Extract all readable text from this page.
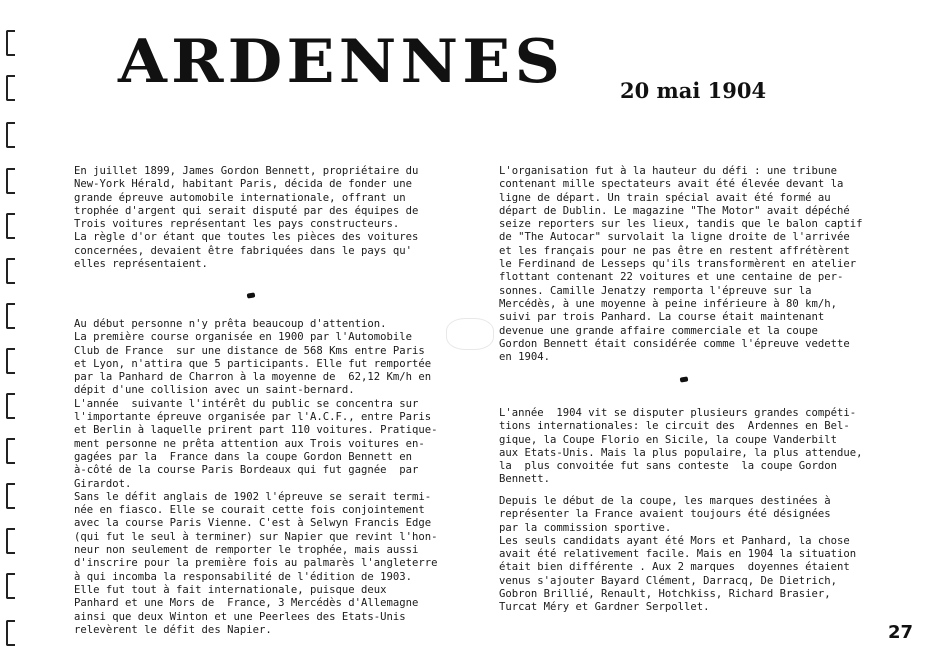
ARDENNES	20 mai 1904

En juillet 1899, James Gordon Bennett, propriétaire du

New-York Hérald, habitant Paris, décida de fonder une

grande épreuve automobile internationale, offrant un

trophée d'argent qui serait disputé par des équipes de

Trois voitures représentant les pays constructeurs.

La règle d'or étant que toutes les pièces des voitures

concernées, devaient être fabriquées dans le pays qu'

elles représentaient.

Au début personne n'y prêta beaucoup d'attention.

La première course organisée en 1900 par l'Automobile

Club de France  sur une distance de 568 Kms entre Paris

et Lyon, n'attira que 5 participants. Elle fut remportée

par la Panhard de Charron à la moyenne de  62,12 Km/h en

dépit d'une collision avec un saint-bernard.

L'année  suivante l'intérêt du public se concentra sur

l'importante épreuve organisée par l'A.C.F., entre Paris

et Berlin à laquelle prirent part 110 voitures. Pratique-

ment personne ne prêta attention aux Trois voitures en-

gagées par la  France dans la coupe Gordon Bennett en

à-côté de la course Paris Bordeaux qui fut gagnée  par

Girardot.

Sans le défit anglais de 1902 l'épreuve se serait termi-

née en fiasco. Elle se courait cette fois conjointement

avec la course Paris Vienne. C'est à Selwyn Francis Edge

(qui fut le seul à terminer) sur Napier que revint l'hon-

neur non seulement de remporter le trophée, mais aussi

d'inscrire pour la première fois au palmarès l'angleterre

à qui incomba la responsabilité de l'édition de 1903.

Elle fut tout à fait internationale, puisque deux

Panhard et une Mors de  France, 3 Mercédès d'Allemagne

ainsi que deux Winton et une Peerlees des Etats-Unis

relevèrent le défit des Napier.

L'organisation fut à la hauteur du défi : une tribune

contenant mille spectateurs avait été élevée devant la

ligne de départ. Un train spécial avait été formé au

départ de Dublin. Le magazine "The Motor" avait dépéché

seize reporters sur les lieux, tandis que le balon captif

de "The Autocar" survolait la ligne droite de l'arrivée

et les français pour ne pas être en restent affrétèrent

le Ferdinand de Lesseps qu'ils transformèrent en atelier

flottant contenant 22 voitures et une centaine de per-

sonnes. Camille Jenatzy remporta l'épreuve sur la

Mercédès, à une moyenne à peine inférieure à 80 km/h,

suivi par trois Panhard. La course était maintenant

devenue une grande affaire commerciale et la coupe

Gordon Bennett était considérée comme l'épreuve vedette

en 1904.

L'année  1904 vit se disputer plusieurs grandes compéti-

tions internationales: le circuit des  Ardennes en Bel-

gique, la Coupe Florio en Sicile, la coupe Vanderbilt

aux Etats-Unis. Mais la plus populaire, la plus attendue,

la  plus convoitée fut sans conteste  la coupe Gordon

Bennett.

Depuis le début de la coupe, les marques destinées à

représenter la France avaient toujours été désignées

par la commission sportive.

Les seuls candidats ayant été Mors et Panhard, la chose

avait été relativement facile. Mais en 1904 la situation

était bien différente . Aux 2 marques  doyennes étaient

venus s'ajouter Bayard Clément, Darracq, De Dietrich,

Gobron Brillié, Renault, Hotchkiss, Richard Brasier,

Turcat Méry et Gardner Serpollet.

27
